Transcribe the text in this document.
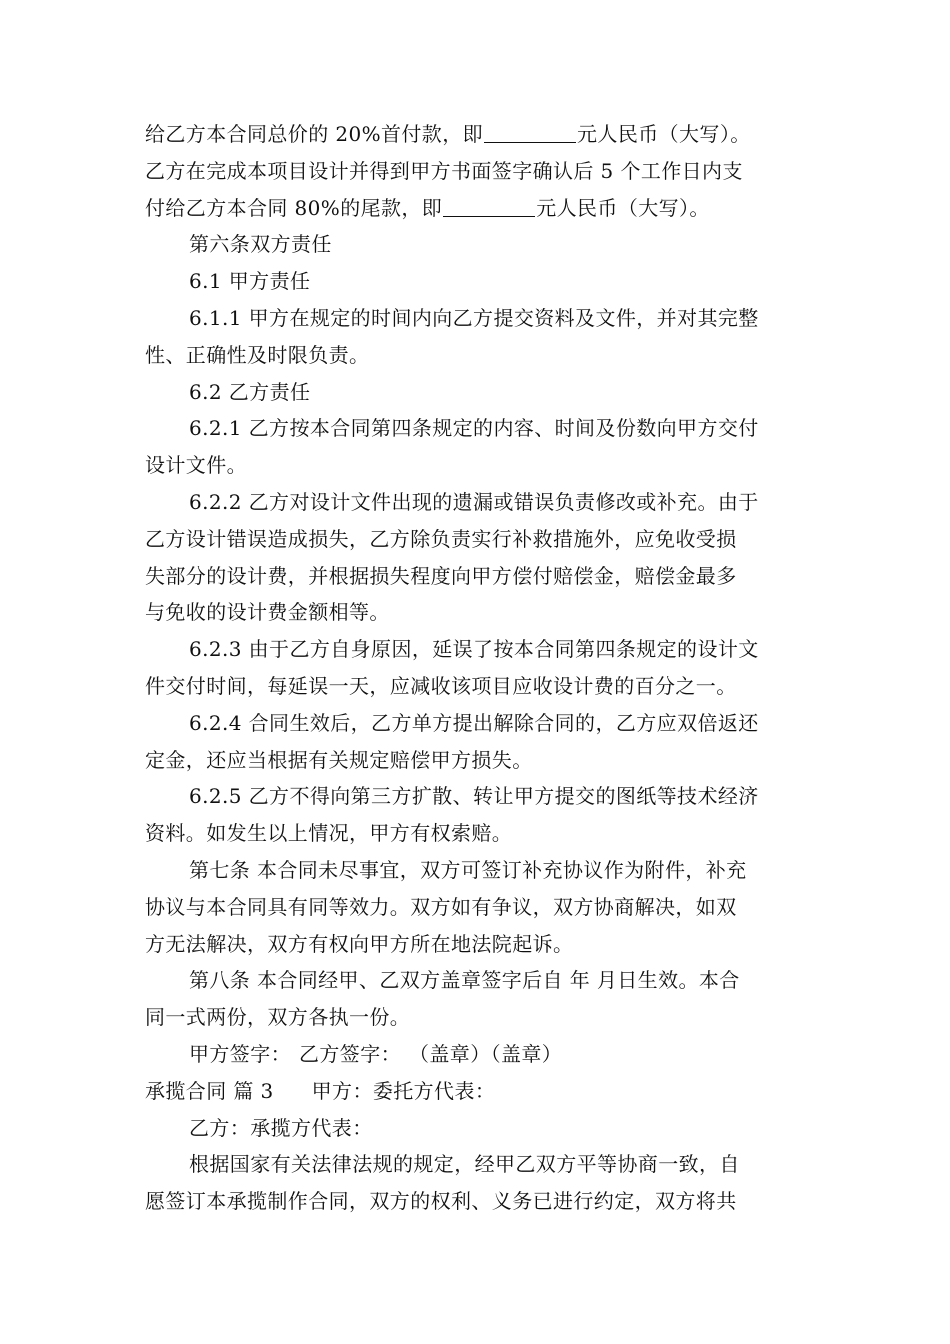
给乙方本合同总价的 20%首付款，即	元人民币（大写）。
乙方在完成本项目设计并得到甲方书面签字确认后 5 个工作日内支
付给乙方本合同 80%的尾款，即	元人民币（大写）。
第六条双方责任
6.1 甲方责任
6.1.1 甲方在规定的时间内向乙方提交资料及文件，并对其完整
性、正确性及时限负责。
6.2 乙方责任
6.2.1 乙方按本合同第四条规定的内容、时间及份数向甲方交付
设计文件。
6.2.2 乙方对设计文件出现的遗漏或错误负责修改或补充。由于
乙方设计错误造成损失，乙方除负责实行补救措施外，应免收受损
失部分的设计费，并根据损失程度向甲方偿付赔偿金，赔偿金最多
与免收的设计费金额相等。
6.2.3 由于乙方自身原因，延误了按本合同第四条规定的设计文
件交付时间，每延误一天，应减收该项目应收设计费的百分之一。
6.2.4 合同生效后，乙方单方提出解除合同的，乙方应双倍返还
定金，还应当根据有关规定赔偿甲方损失。
6.2.5 乙方不得向第三方扩散、转让甲方提交的图纸等技术经济
资料。如发生以上情况，甲方有权索赔。
第七条 本合同未尽事宜，双方可签订补充协议作为附件，补充
协议与本合同具有同等效力。双方如有争议，双方协商解决，如双
方无法解决，双方有权向甲方所在地法院起诉。
第八条 本合同经甲、乙双方盖章签字后自 年 月日生效。本合
同一式两份，双方各执一份。
甲方签字： 乙方签字： （盖章）（盖章）
承揽合同 篇 3 甲方：委托方代表：
乙方：承揽方代表：
根据国家有关法律法规的规定，经甲乙双方平等协商一致，自
愿签订本承揽制作合同，双方的权利、义务已进行约定，双方将共
